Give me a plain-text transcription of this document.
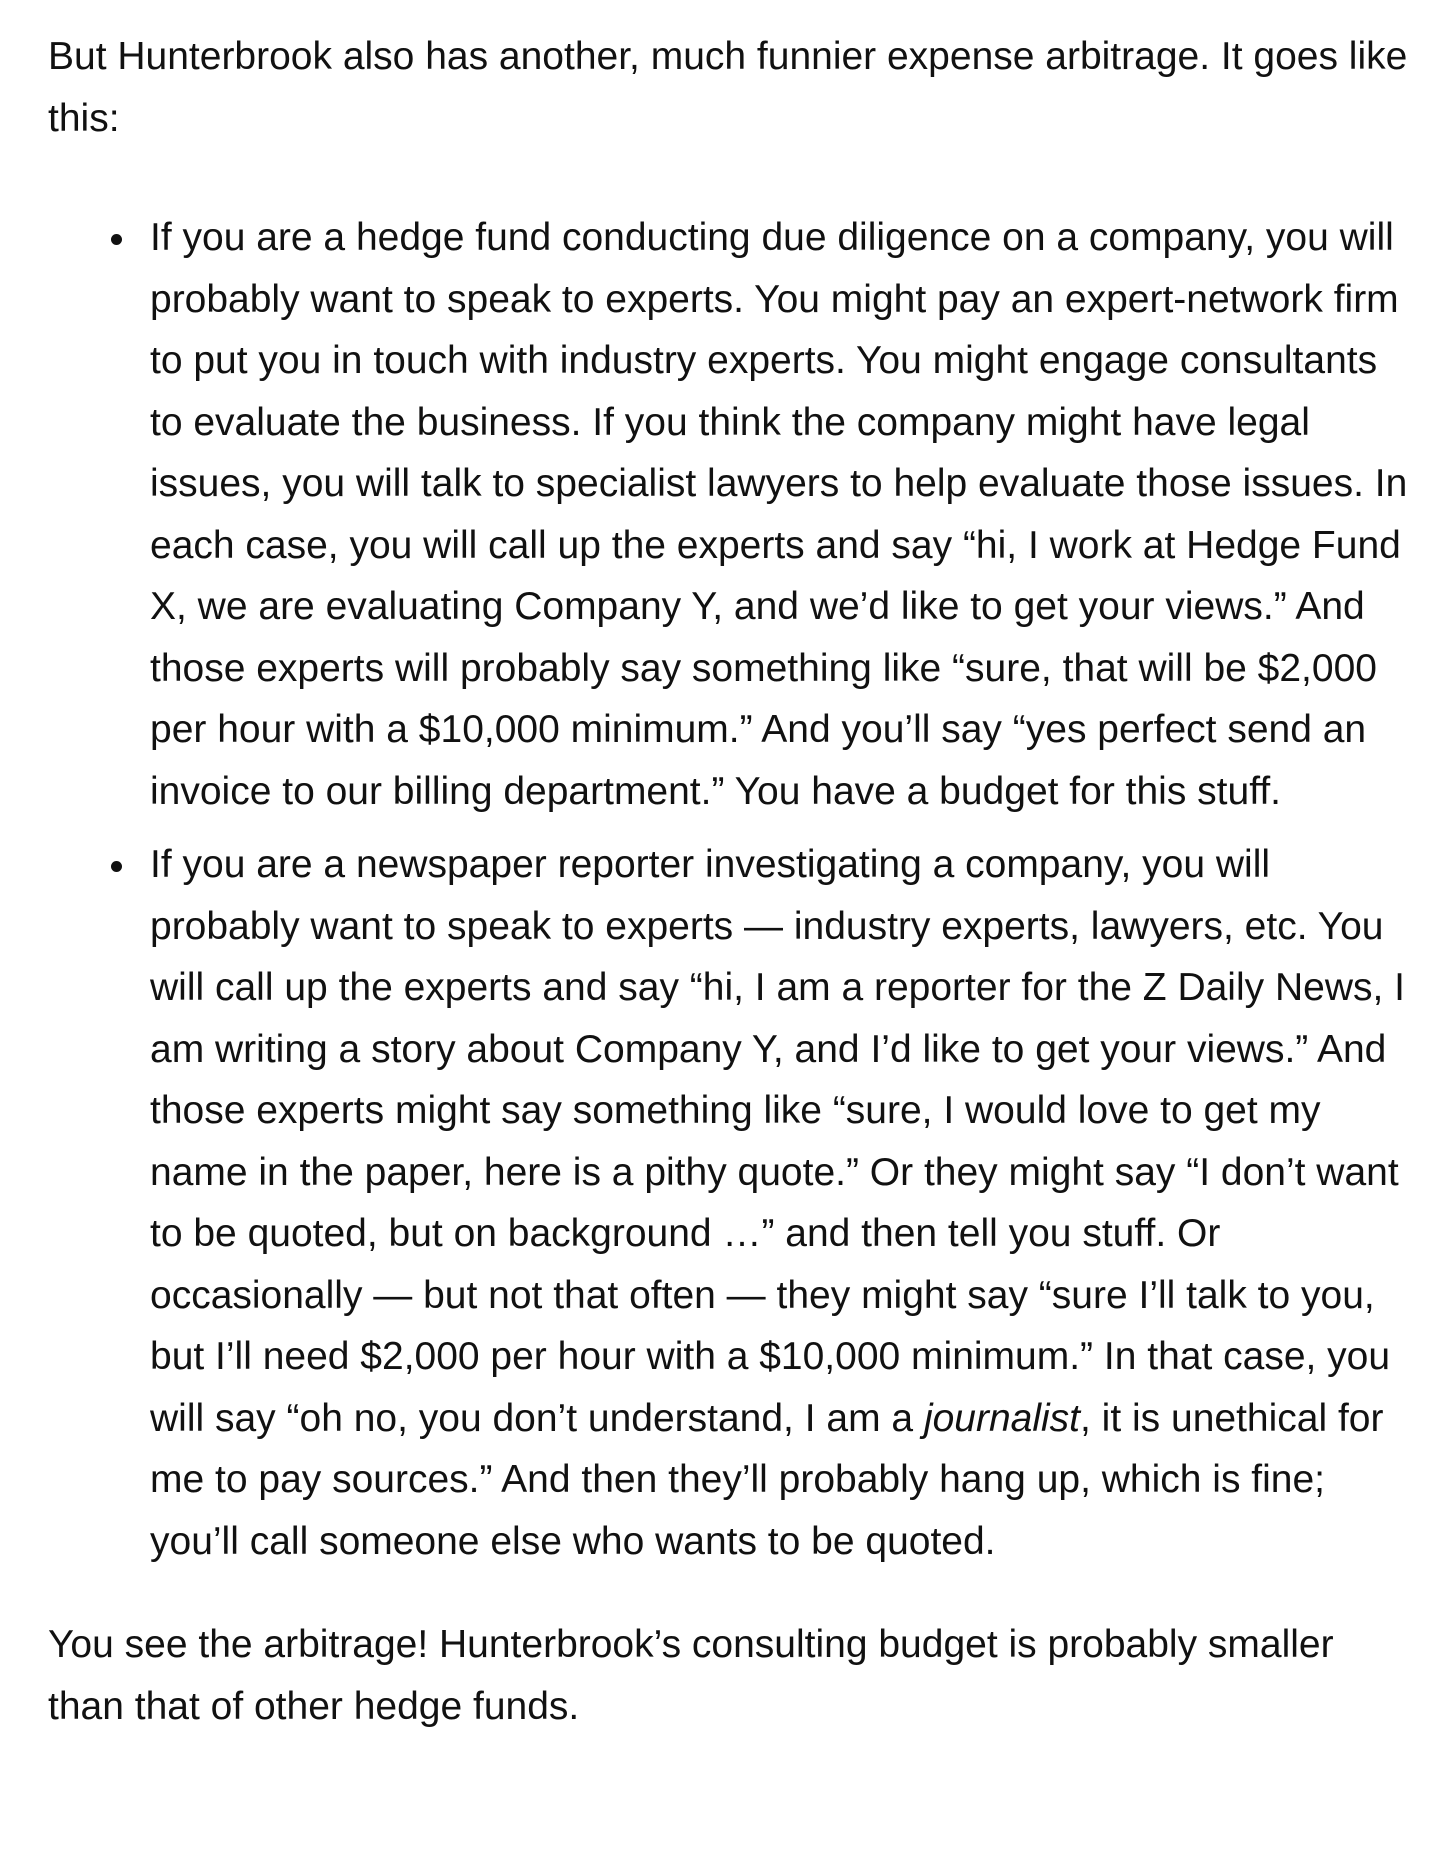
But Hunterbrook also has another, much funnier expense arbitrage. It goes like this:

If you are a hedge fund conducting due diligence on a company, you will probably want to speak to experts. You might pay an expert-network firm to put you in touch with industry experts. You might engage consultants to evaluate the business. If you think the company might have legal issues, you will talk to specialist lawyers to help evaluate those issues. In each case, you will call up the experts and say “hi, I work at Hedge Fund X, we are evaluating Company Y, and we’d like to get your views.” And those experts will probably say something like “sure, that will be $2,000 per hour with a $10,000 minimum.” And you’ll say “yes perfect send an invoice to our billing department.” You have a budget for this stuff.
If you are a newspaper reporter investigating a company, you will probably want to speak to experts — industry experts, lawyers, etc. You will call up the experts and say “hi, I am a reporter for the Z Daily News, I am writing a story about Company Y, and I’d like to get your views.” And those experts might say something like “sure, I would love to get my name in the paper, here is a pithy quote.” Or they might say “I don’t want to be quoted, but on background …” and then tell you stuff. Or occasionally — but not that often — they might say “sure I’ll talk to you, but I’ll need $2,000 per hour with a $10,000 minimum.” In that case, you will say “oh no, you don’t understand, I am a journalist, it is unethical for me to pay sources.” And then they’ll probably hang up, which is fine; you’ll call someone else who wants to be quoted.

You see the arbitrage! Hunterbrook’s consulting budget is probably smaller than that of other hedge funds.
